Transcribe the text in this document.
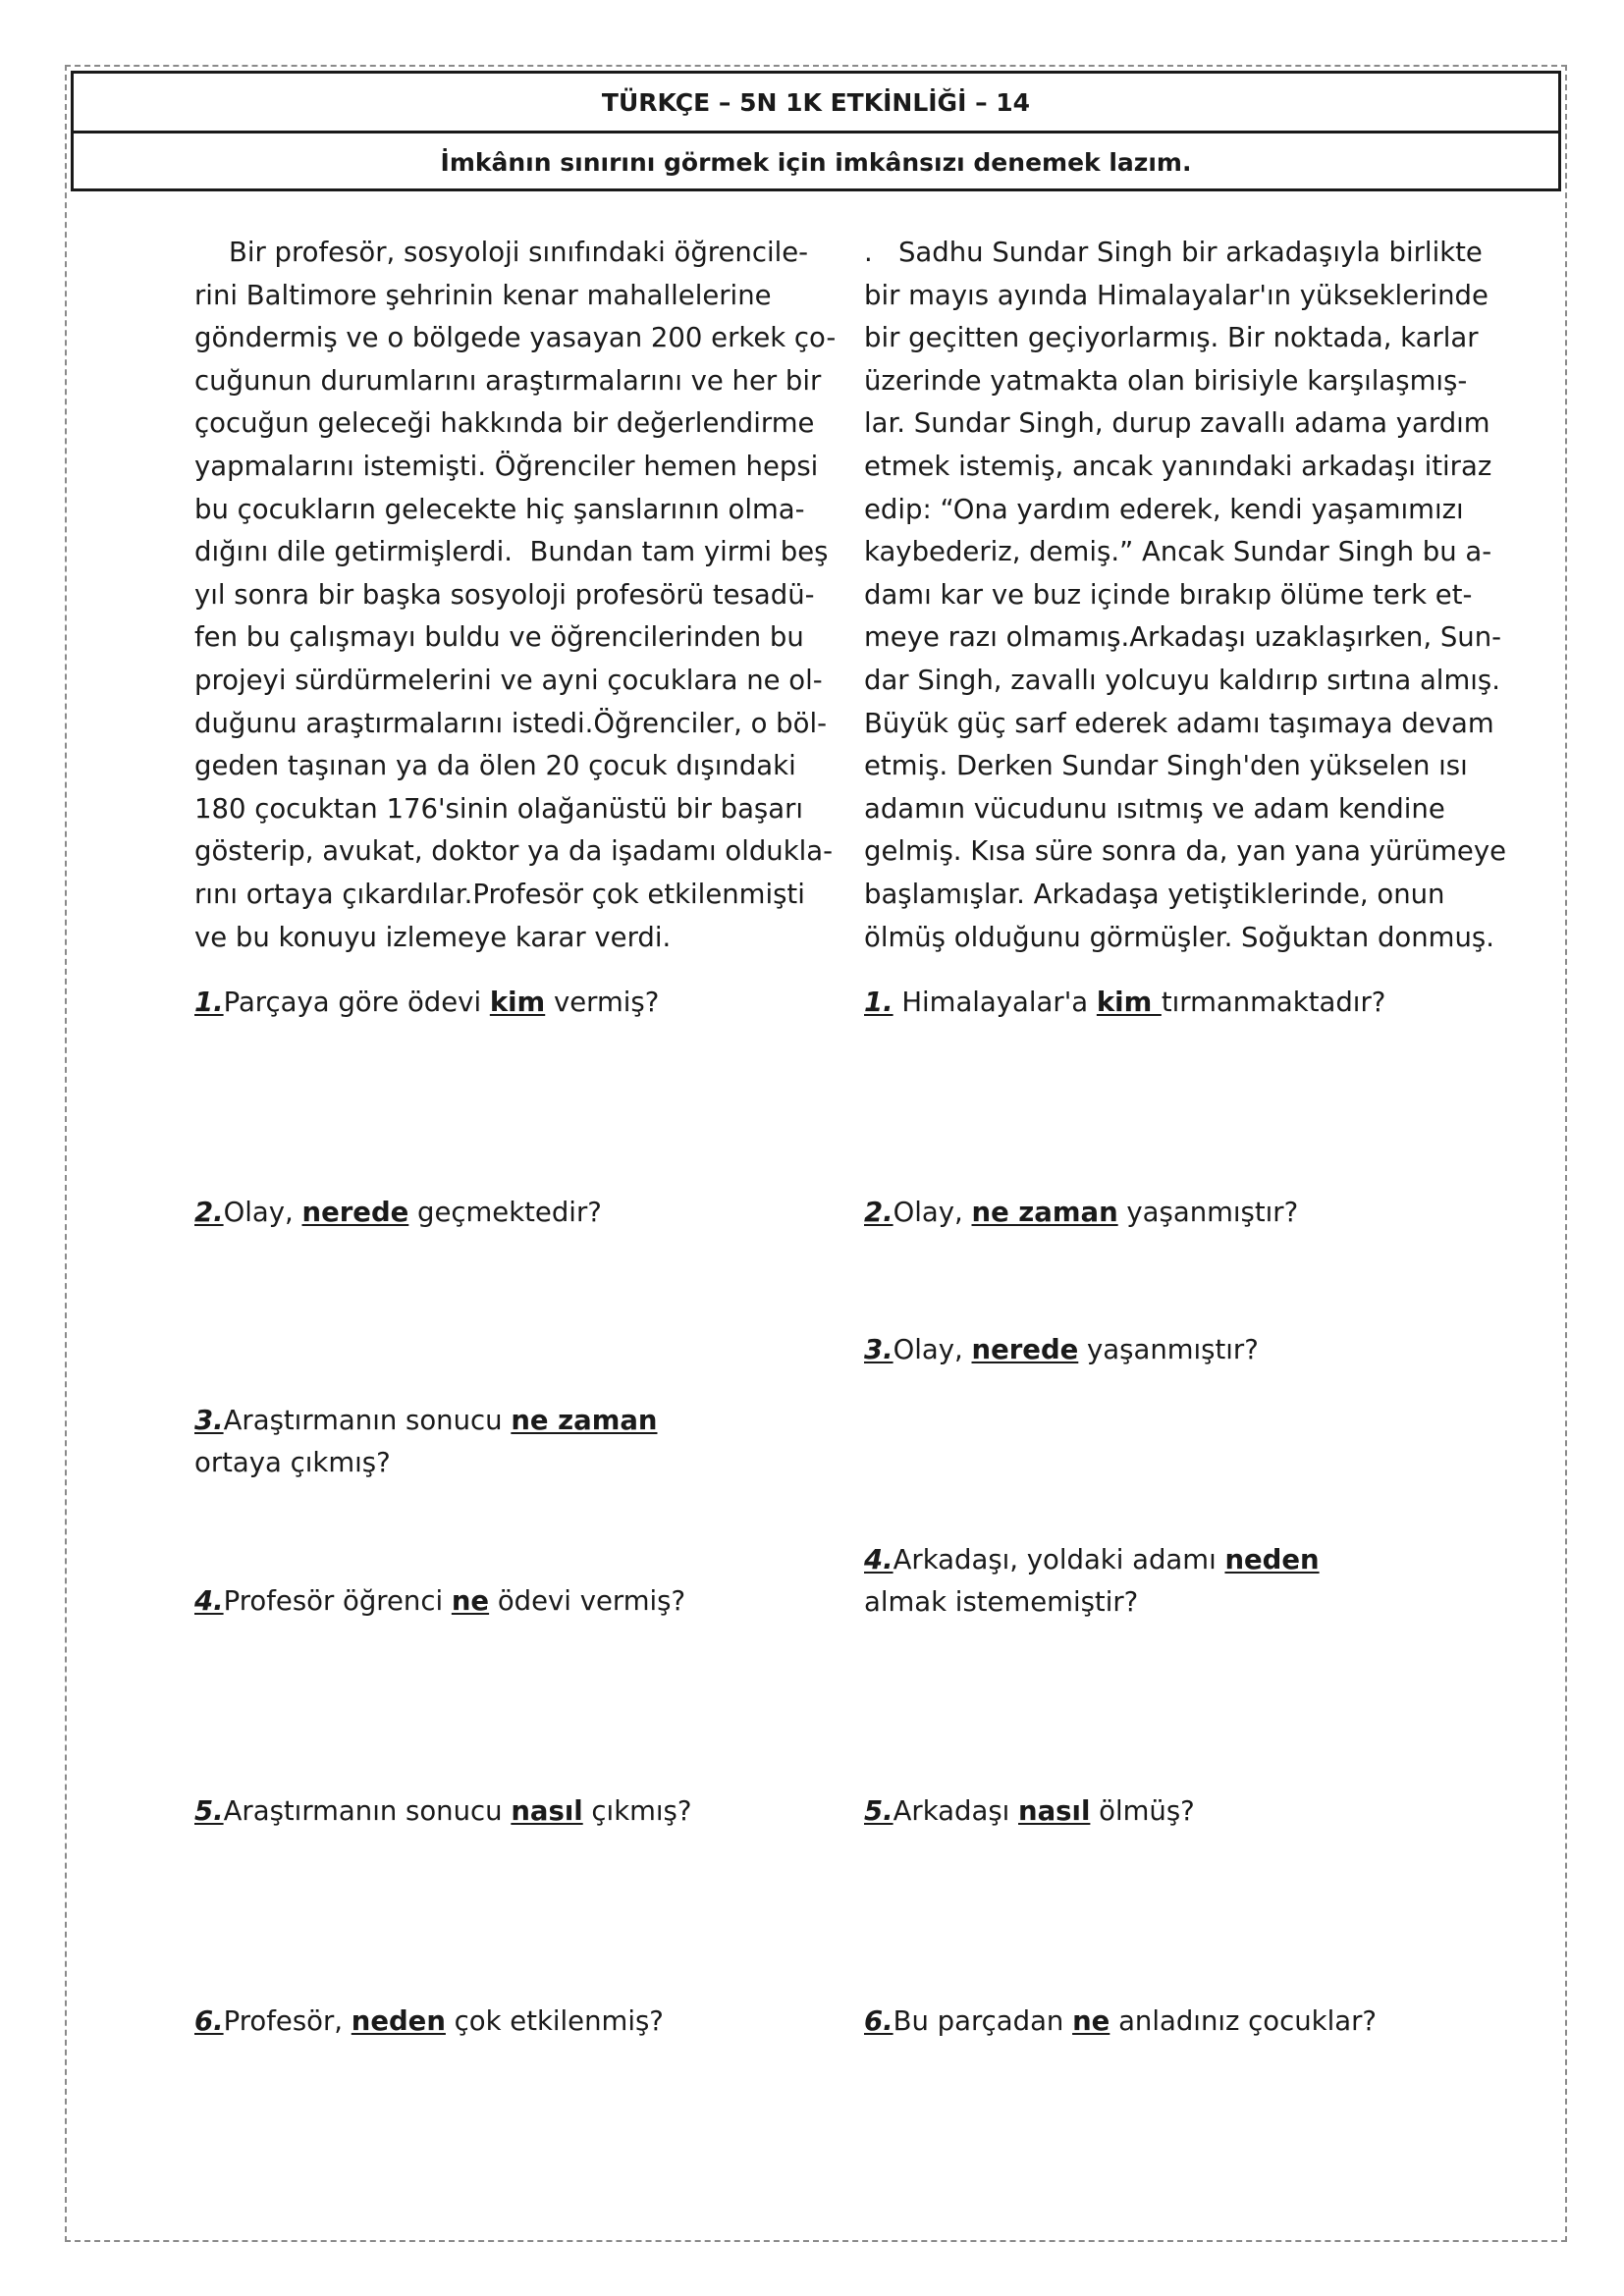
TÜRKÇE – 5N 1K ETKİNLİĞİ – 14
İmkânın sınırını görmek için imkânsızı denemek lazım.
Bir profesör, sosyoloji sınıfındaki öğrencile-
rini Baltimore şehrinin kenar mahallelerine
göndermiş ve o bölgede yasayan 200 erkek ço-
cuğunun durumlarını araştırmalarını ve her bir
çocuğun geleceği hakkında bir değerlendirme
yapmalarını istemişti. Öğrenciler hemen hepsi
bu çocukların gelecekte hiç şanslarının olma-
dığını dile getirmişlerdi.  Bundan tam yirmi beş
yıl sonra bir başka sosyoloji profesörü tesadü-
fen bu çalışmayı buldu ve öğrencilerinden bu
projeyi sürdürmelerini ve ayni çocuklara ne ol-
duğunu araştırmalarını istedi.Öğrenciler, o böl-
geden taşınan ya da ölen 20 çocuk dışındaki
180 çocuktan 176'sinin olağanüstü bir başarı
gösterip, avukat, doktor ya da işadamı oldukla-
rını ortaya çıkardılar.Profesör çok etkilenmişti
ve bu konuyu izlemeye karar verdi.
.   Sadhu Sundar Singh bir arkadaşıyla birlikte
bir mayıs ayında Himalayalar'ın yükseklerinde
bir geçitten geçiyorlarmış. Bir noktada, karlar
üzerinde yatmakta olan birisiyle karşılaşmış-
lar. Sundar Singh, durup zavallı adama yardım
etmek istemiş, ancak yanındaki arkadaşı itiraz
edip: “Ona yardım ederek, kendi yaşamımızı
kaybederiz, demiş.” Ancak Sundar Singh bu a-
damı kar ve buz içinde bırakıp ölüme terk et-
meye razı olmamış.Arkadaşı uzaklaşırken, Sun-
dar Singh, zavallı yolcuyu kaldırıp sırtına almış.
Büyük güç sarf ederek adamı taşımaya devam
etmiş. Derken Sundar Singh'den yükselen ısı
adamın vücudunu ısıtmış ve adam kendine
gelmiş. Kısa süre sonra da, yan yana yürümeye
başlamışlar. Arkadaşa yetiştiklerinde, onun
ölmüş olduğunu görmüşler. Soğuktan donmuş.
1.Parçaya göre ödevi kim vermiş?
2.Olay, nerede geçmektedir?
3.Araştırmanın sonucu ne zaman ortaya çıkmış?
4.Profesör öğrenci ne ödevi vermiş?
5.Araştırmanın sonucu nasıl çıkmış?
6.Profesör, neden çok etkilenmiş?
1. Himalayalar'a kim tırmanmaktadır?
2.Olay, ne zaman yaşanmıştır?
3.Olay, nerede yaşanmıştır?
4.Arkadaşı, yoldaki adamı neden almak istememiştir?
5.Arkadaşı nasıl ölmüş?
6.Bu parçadan ne anladınız çocuklar?
